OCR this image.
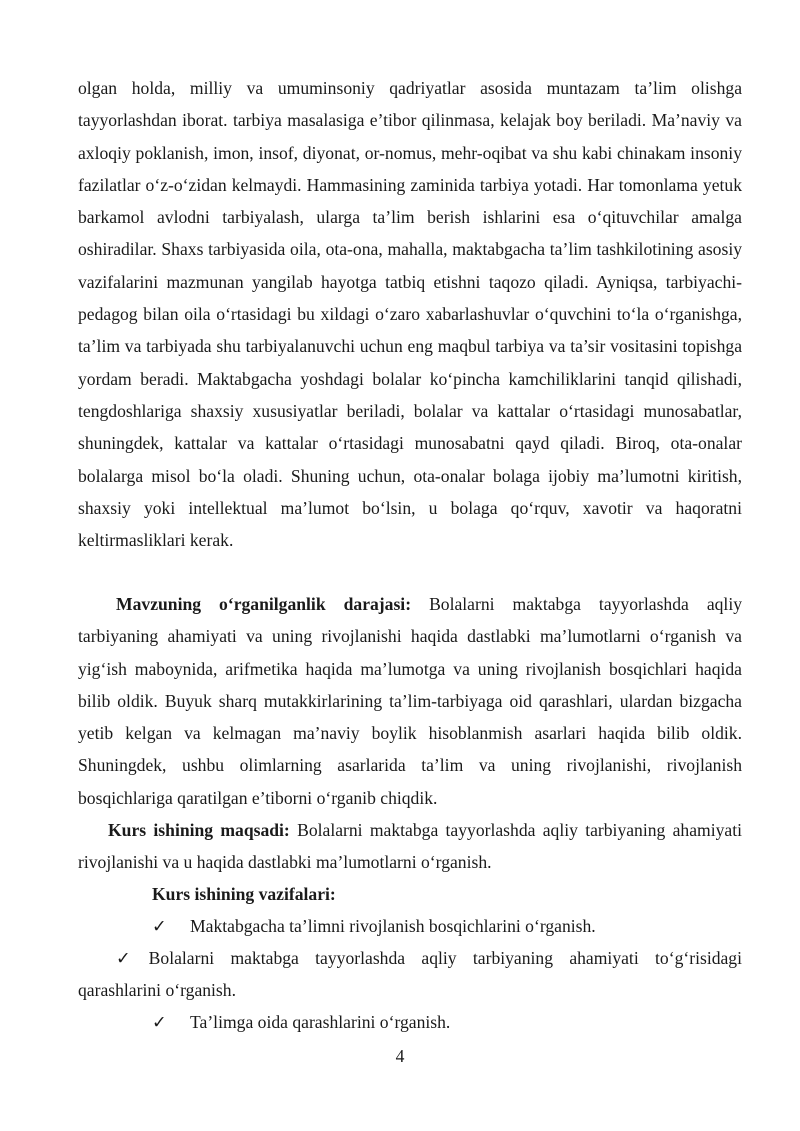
olgan holda, milliy va umuminsoniy qadriyatlar asosida muntazam ta’lim olishga tayyorlashdan iborat. tarbiya masalasiga e’tibor qilinmasa, kelajak boy beriladi. Ma’naviy va axloqiy poklanish, imon, insof, diyonat, or-nomus, mehr-oqibat va shu kabi chinakam insoniy fazilatlar o‘z-o‘zidan kelmaydi. Hammasining zaminida tarbiya yotadi. Har tomonlama yetuk barkamol avlodni tarbiyalash, ularga ta’lim berish ishlarini esa o‘qituvchilar amalga oshiradilar. Shaxs tarbiyasida oila, ota-ona, mahalla, maktabgacha ta’lim tashkilotining asosiy vazifalarini mazmunan yangilab hayotga tatbiq etishni taqozo qiladi. Ayniqsa, tarbiyachi-pedagog bilan oila o‘rtasidagi bu xildagi o‘zaro xabarlashuvlar o‘quvchini to‘la o‘rganishga, ta’lim va tarbiyada shu tarbiyalanuvchi uchun eng maqbul tarbiya va ta’sir vositasini topishga yordam beradi. Maktabgacha yoshdagi bolalar ko‘pincha kamchiliklarini tanqid qilishadi, tengdoshlariga shaxsiy xususiyatlar beriladi, bolalar va kattalar o‘rtasidagi munosabatlar, shuningdek, kattalar va kattalar o‘rtasidagi munosabatni qayd qiladi. Biroq, ota-onalar bolalarga misol bo‘la oladi. Shuning uchun, ota-onalar bolaga ijobiy ma’lumotni kiritish, shaxsiy yoki intellektual ma’lumot bo‘lsin, u bolaga qo‘rquv, xavotir va haqoratni keltirmasliklari kerak.
Mavzuning o‘rganilganlik darajasi: Bolalarni maktabga tayyorlashda aqliy tarbiyaning ahamiyati va uning rivojlanishi haqida dastlabki ma’lumotlarni o‘rganish va yig‘ish maboynida, arifmetika haqida ma’lumotga va uning rivojlanish bosqichlari haqida bilib oldik. Buyuk sharq mutakkirlarining ta’lim-tarbiyaga oid qarashlari, ulardan bizgacha yetib kelgan va kelmagan ma’naviy boylik hisoblanmish asarlari haqida bilib oldik. Shuningdek, ushbu olimlarning asarlarida ta’lim va uning rivojlanishi, rivojlanish bosqichlariga qaratilgan e’tiborni o‘rganib chiqdik.
Kurs ishining maqsadi: Bolalarni maktabga tayyorlashda aqliy tarbiyaning ahamiyati rivojlanishi va u haqida dastlabki ma’lumotlarni o‘rganish.
Kurs ishining vazifalari:
✓ Maktabgacha ta’limni rivojlanish bosqichlarini o‘rganish.
✓ Bolalarni maktabga tayyorlashda aqliy tarbiyaning ahamiyati to‘g‘risidagi qarashlarini o‘rganish.
✓ Ta’limga oida qarashlarini o‘rganish.
4
